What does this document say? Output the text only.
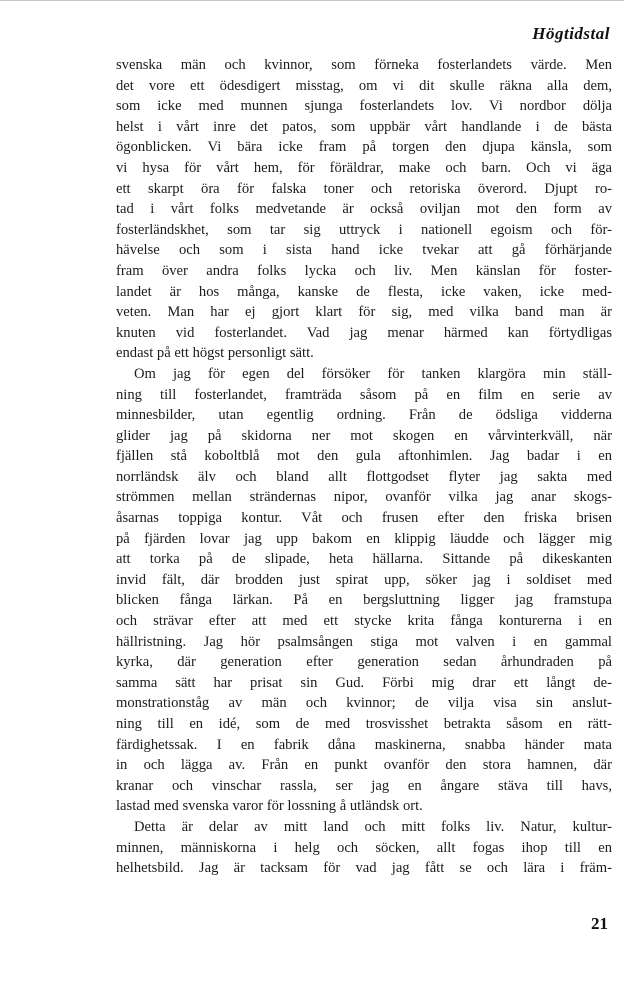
Högtidstal
svenska män och kvinnor, som förneka fosterlandets värde. Men
det vore ett ödesdigert misstag, om vi dit skulle räkna alla dem,
som icke med munnen sjunga fosterlandets lov. Vi nordbor dölja
helst i vårt inre det patos, som uppbär vårt handlande i de bästa
ögonblicken. Vi bära icke fram på torgen den djupa känsla, som
vi hysa för vårt hem, för föräldrar, make och barn. Och vi äga
ett skarpt öra för falska toner och retoriska överord. Djupt ro-
tad i vårt folks medvetande är också oviljan mot den form av
fosterländskhet, som tar sig uttryck i nationell egoism och för-
hävelse och som i sista hand icke tvekar att gå förhärjande
fram över andra folks lycka och liv. Men känslan för foster-
landet är hos många, kanske de flesta, icke vaken, icke med-
veten. Man har ej gjort klart för sig, med vilka band man är
knuten vid fosterlandet. Vad jag menar härmed kan förtydligas
endast på ett högst personligt sätt.
Om jag för egen del försöker för tanken klargöra min ställ-
ning till fosterlandet, framträda såsom på en film en serie av
minnesbilder, utan egentlig ordning. Från de ödsliga vidderna
glider jag på skidorna ner mot skogen en vårvinterkväll, när
fjällen stå koboltblå mot den gula aftonhimlen. Jag badar i en
norrländsk älv och bland allt flottgodset flyter jag sakta med
strömmen mellan strändernas nipor, ovanför vilka jag anar skogs-
åsarnas toppiga kontur. Våt och frusen efter den friska brisen
på fjärden lovar jag upp bakom en klippig läudde och lägger mig
att torka på de slipade, heta hällarna. Sittande på dikeskanten
invid fält, där brodden just spirat upp, söker jag i soldiset med
blicken fånga lärkan. På en bergsluttning ligger jag framstupa
och strävar efter att med ett stycke krita fånga konturerna i en
hällristning. Jag hör psalmsången stiga mot valven i en gammal
kyrka, där generation efter generation sedan århundraden på
samma sätt har prisat sin Gud. Förbi mig drar ett långt de-
monstrationståg av män och kvinnor; de vilja visa sin anslut-
ning till en idé, som de med trosvisshet betrakta såsom en rätt-
färdighetssak. I en fabrik dåna maskinerna, snabba händer mata
in och lägga av. Från en punkt ovanför den stora hamnen, där
kranar och vinschar rassla, ser jag en ångare stäva till havs,
lastad med svenska varor för lossning å utländsk ort.
Detta är delar av mitt land och mitt folks liv. Natur, kultur-
minnen, människorna i helg och söcken, allt fogas ihop till en
helhetsbild. Jag är tacksam för vad jag fått se och lära i främ-
21
